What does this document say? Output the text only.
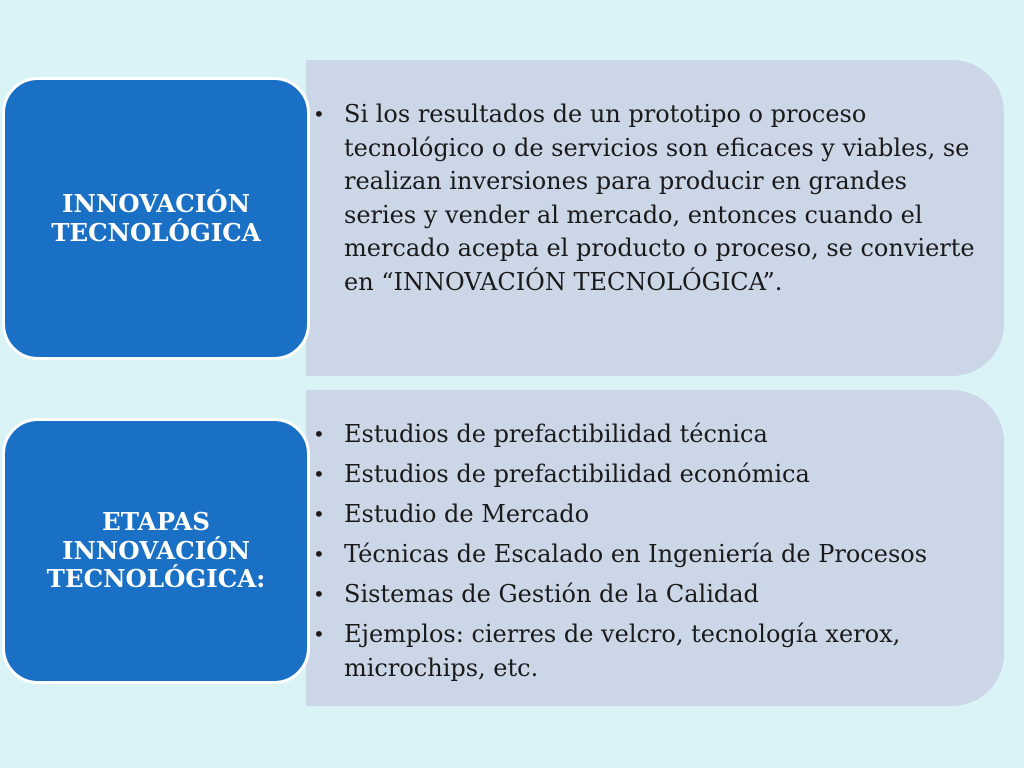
• Si los resultados de un prototipo o proceso tecnológico o de servicios son eficaces y viables, se realizan inversiones para producir en grandes series y vender al mercado, entonces cuando el mercado acepta el producto o proceso, se convierte en “INNOVACIÓN TECNOLÓGICA”.
INNOVACIÓN TECNOLÓGICA
• Estudios de prefactibilidad técnica
• Estudios de prefactibilidad económica
• Estudio de Mercado
• Técnicas de Escalado en Ingeniería de Procesos
• Sistemas de Gestión de la Calidad
• Ejemplos: cierres de velcro, tecnología xerox, microchips, etc.
ETAPAS INNOVACIÓN TECNOLÓGICA:
